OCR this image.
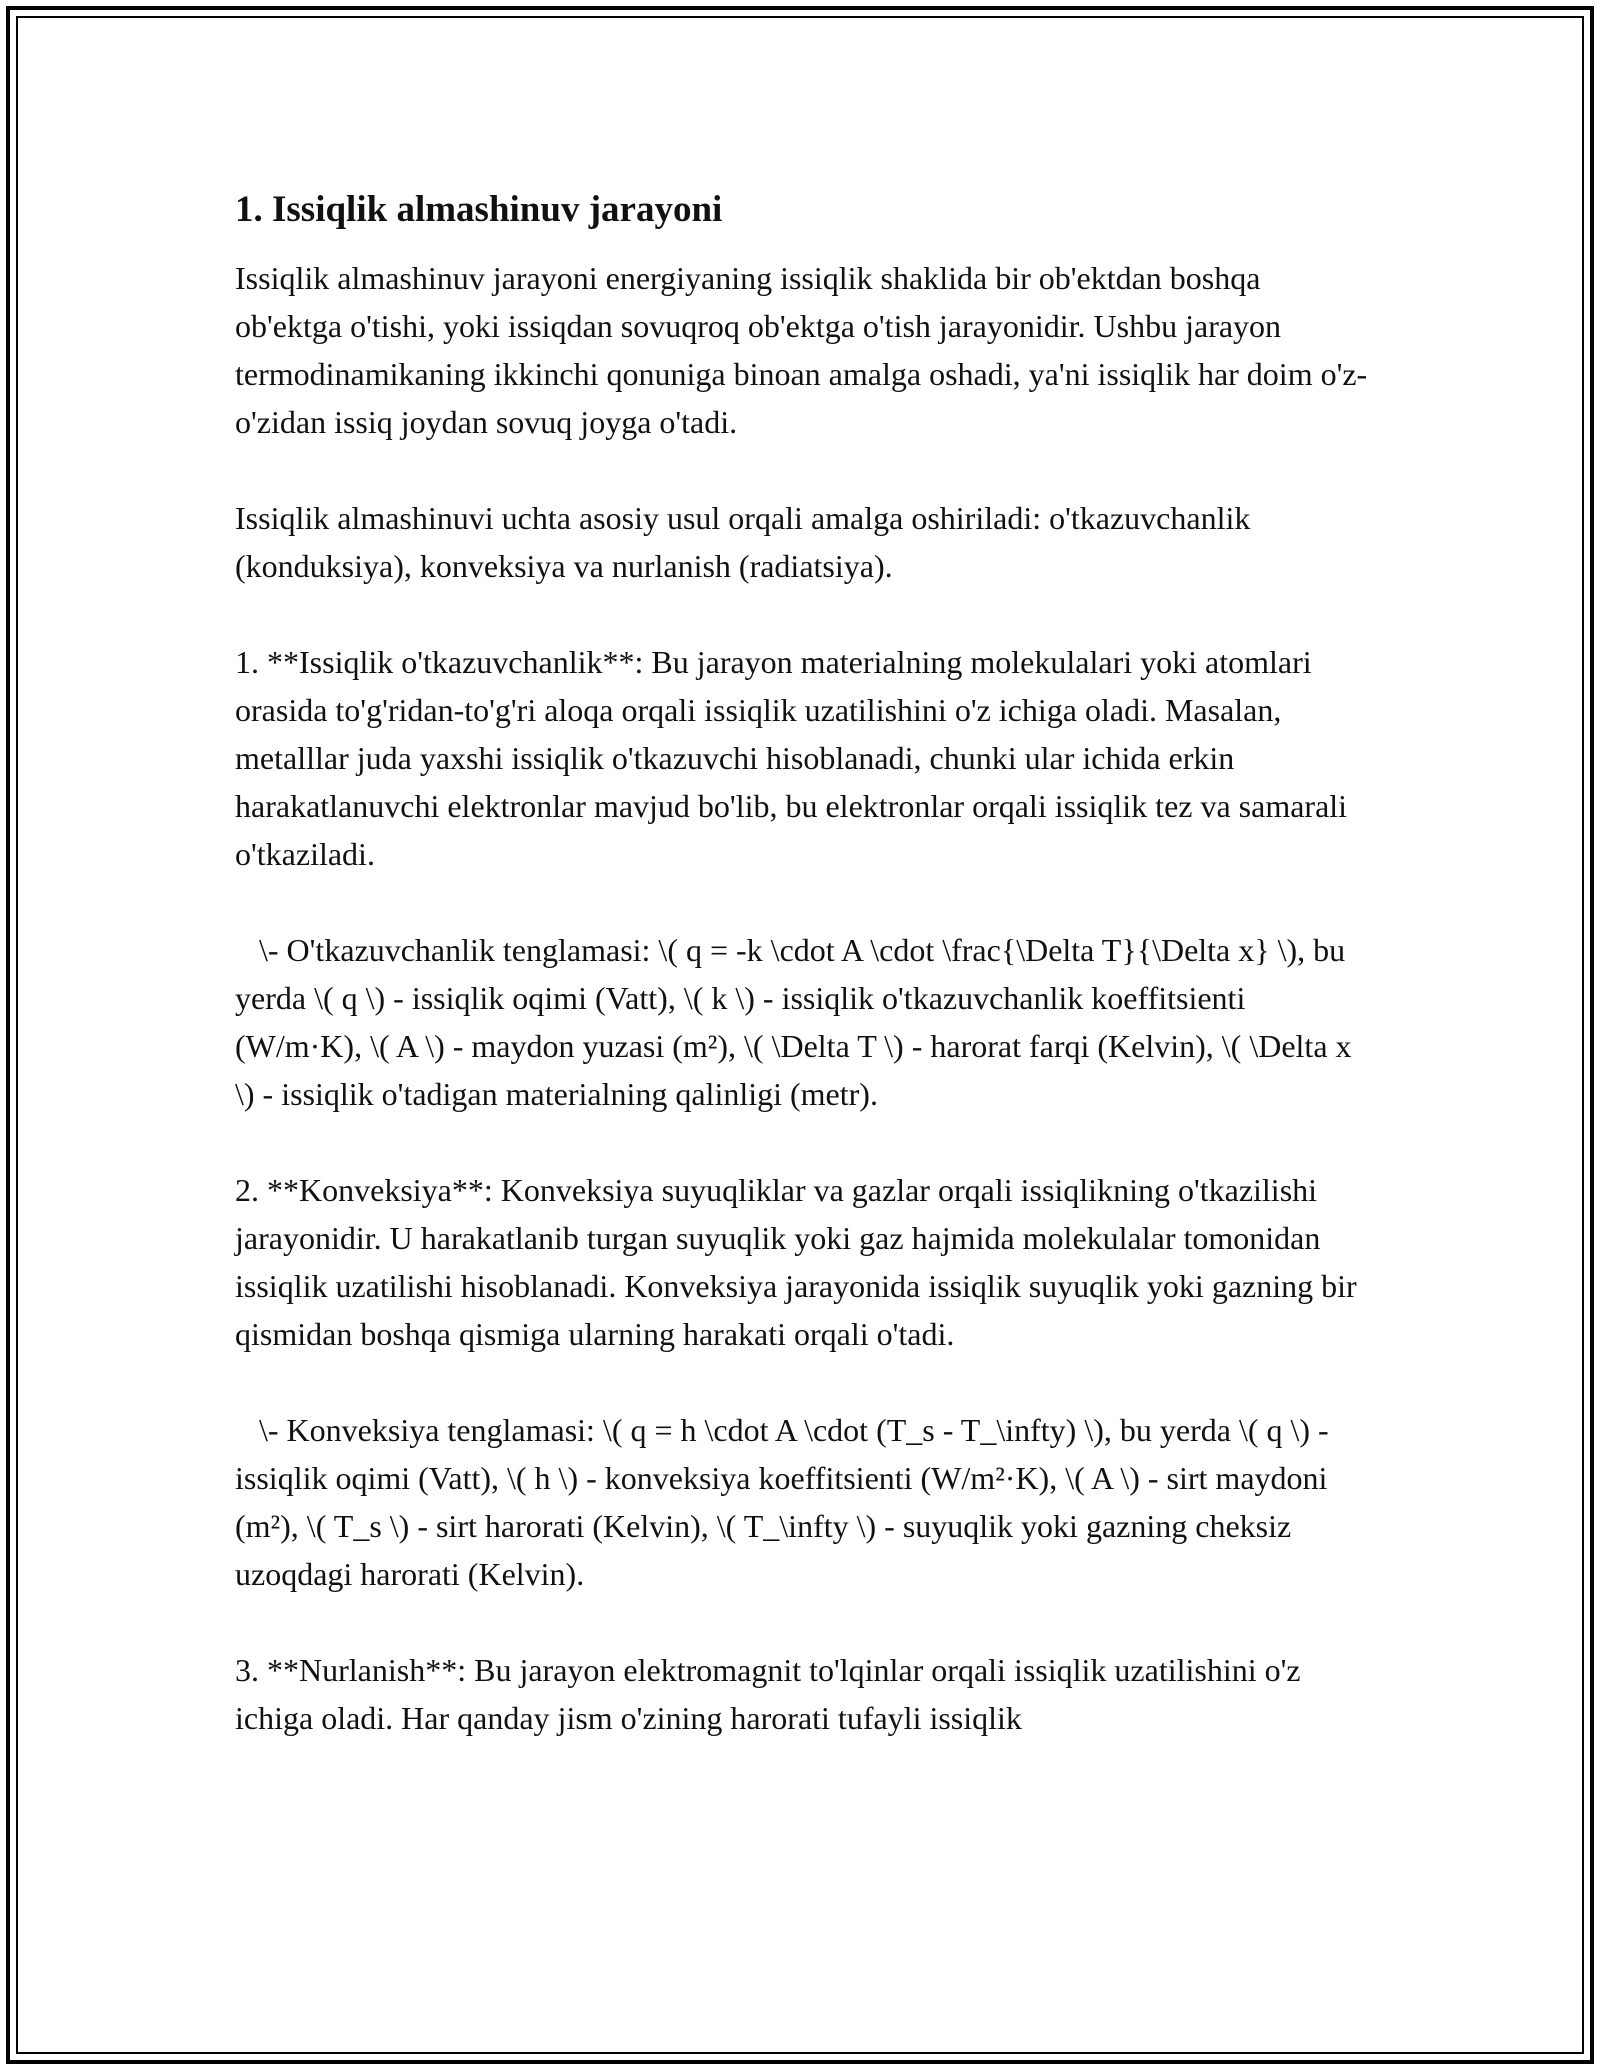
1. Issiqlik almashinuv jarayoni

Issiqlik almashinuv jarayoni energiyaning issiqlik shaklida bir ob'ektdan boshqa ob'ektga o'tishi, yoki issiqdan sovuqroq ob'ektga o'tish jarayonidir. Ushbu jarayon termodinamikaning ikkinchi qonuniga binoan amalga oshadi, ya'ni issiqlik har doim o'z-o'zidan issiq joydan sovuq joyga o'tadi.

Issiqlik almashinuvi uchta asosiy usul orqali amalga oshiriladi: o'tkazuvchanlik (konduksiya), konveksiya va nurlanish (radiatsiya).

1. **Issiqlik o'tkazuvchanlik**: Bu jarayon materialning molekulalari yoki atomlari orasida to'g'ridan-to'g'ri aloqa orqali issiqlik uzatilishini o'z ichiga oladi. Masalan, metalllar juda yaxshi issiqlik o'tkazuvchi hisoblanadi, chunki ular ichida erkin harakatlanuvchi elektronlar mavjud bo'lib, bu elektronlar orqali issiqlik tez va samarali o'tkaziladi.

\- O'tkazuvchanlik tenglamasi: \( q = -k \cdot A \cdot \frac{\Delta T}{\Delta x} \), bu yerda \( q \) - issiqlik oqimi (Vatt), \( k \) - issiqlik o'tkazuvchanlik koeffitsienti (W/m·K), \( A \) - maydon yuzasi (m²), \( \Delta T \) - harorat farqi (Kelvin), \( \Delta x \) - issiqlik o'tadigan materialning qalinligi (metr).

2. **Konveksiya**: Konveksiya suyuqliklar va gazlar orqali issiqlikning o'tkazilishi jarayonidir. U harakatlanib turgan suyuqlik yoki gaz hajmida molekulalar tomonidan issiqlik uzatilishi hisoblanadi. Konveksiya jarayonida issiqlik suyuqlik yoki gazning bir qismidan boshqa qismiga ularning harakati orqali o'tadi.

\- Konveksiya tenglamasi: \( q = h \cdot A \cdot (T_s - T_\infty) \), bu yerda \( q \) - issiqlik oqimi (Vatt), \( h \) - konveksiya koeffitsienti (W/m²·K), \( A \) - sirt maydoni (m²), \( T_s \) - sirt harorati (Kelvin), \( T_\infty \) - suyuqlik yoki gazning cheksiz uzoqdagi harorati (Kelvin).

3. **Nurlanish**: Bu jarayon elektromagnit to'lqinlar orqali issiqlik uzatilishini o'z ichiga oladi. Har qanday jism o'zining harorati tufayli issiqlik
